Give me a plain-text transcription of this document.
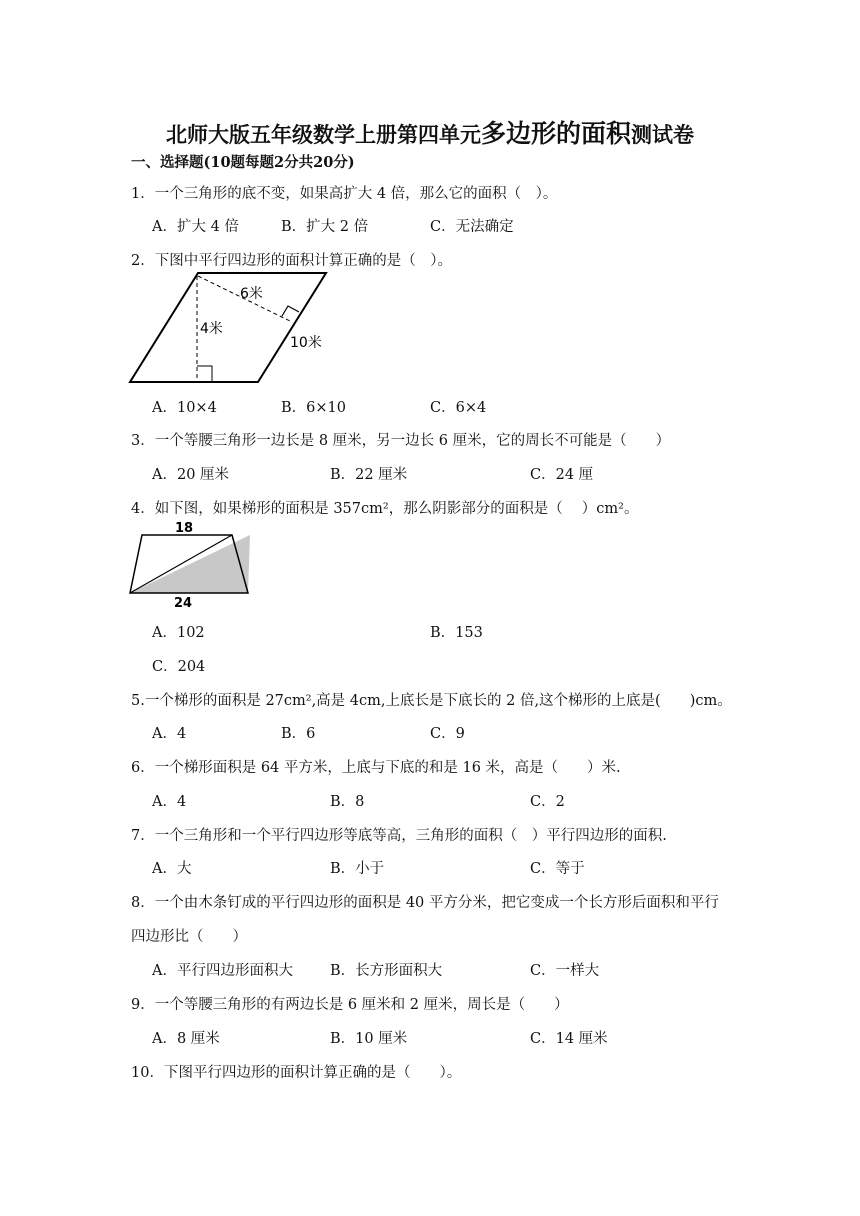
北师大版五年级数学上册第四单元多边形的面积测试卷
一、选择题(10题每题2分共20分)
1．一个三角形的底不变，如果高扩大 4 倍，那么它的面积（　）。
A．扩大 4 倍	B．扩大 2 倍	C．无法确定
2．下图中平行四边形的面积计算正确的是（　）。
6米
4米
10米
A．10×4	B．6×10	C．6×4
3．一个等腰三角形一边长是 8 厘米，另一边长 6 厘米，它的周长不可能是（　　）
A．20 厘米	B．22 厘米	C．24 厘
4．如下图，如果梯形的面积是 357cm²，那么阴影部分的面积是（　 ）cm²。
18
24
A．102	B．153
C．204
5.一个梯形的面积是 27cm²,高是 4cm,上底长是下底长的 2 倍,这个梯形的上底是(　　)cm。
A．4	B．6	C．9
6．一个梯形面积是 64 平方米，上底与下底的和是 16 米，高是（　　）米.
A．4	B．8	C．2
7．一个三角形和一个平行四边形等底等高，三角形的面积（　）平行四边形的面积.
A．大	B．小于	C．等于
8．一个由木条钉成的平行四边形的面积是 40 平方分米，把它变成一个长方形后面积和平行
四边形比（　　）
A．平行四边形面积大	B．长方形面积大	C．一样大
9．一个等腰三角形的有两边长是 6 厘米和 2 厘米，周长是（　　）
A．8 厘米	B．10 厘米	C．14 厘米
10．下图平行四边形的面积计算正确的是（　　）。
